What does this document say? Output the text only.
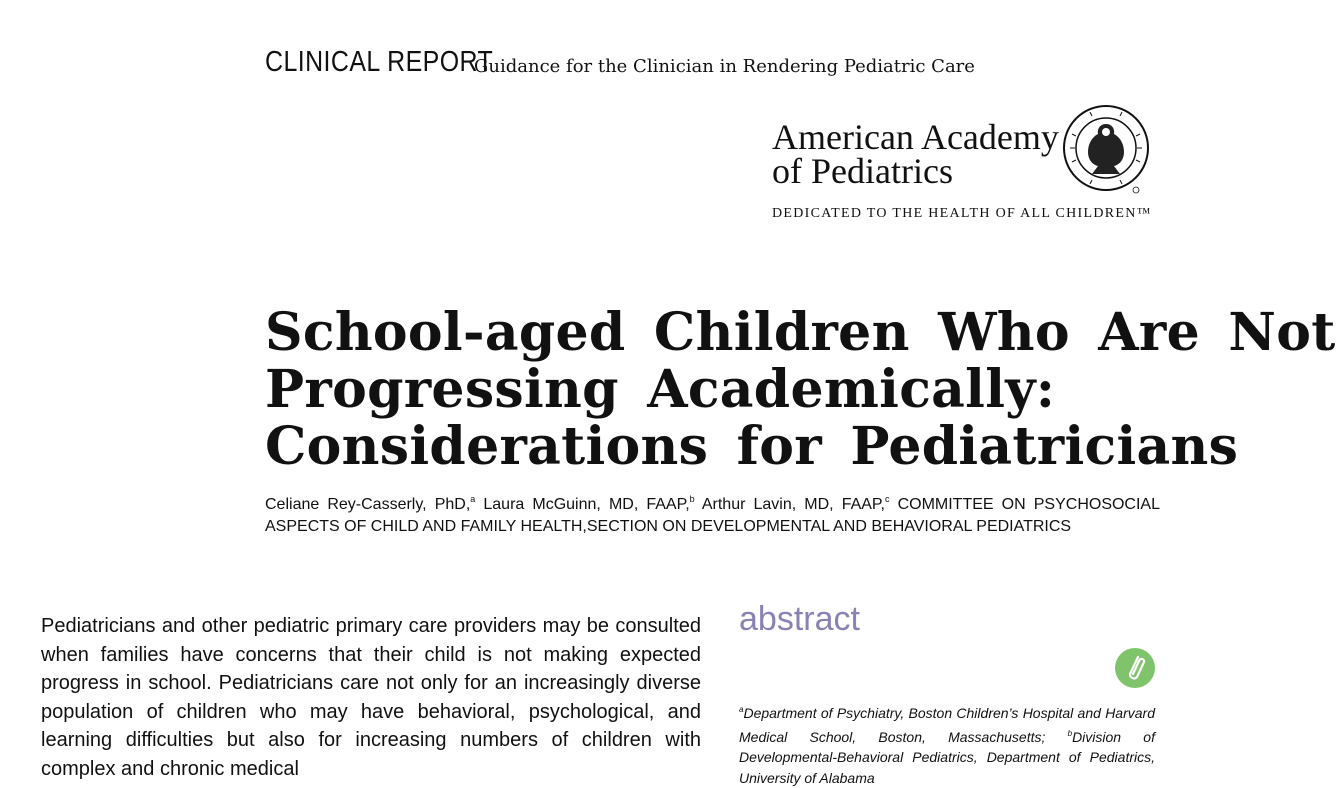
CLINICAL REPORT
Guidance for the Clinician in Rendering Pediatric Care
American Academy
of Pediatrics
DEDICATED TO THE HEALTH OF ALL CHILDREN™
School-aged Children Who Are Not
Progressing Academically:
Considerations for Pediatricians
Celiane Rey-Casserly, PhD,$^a$ Laura McGuinn, MD, FAAP,$^b$ Arthur Lavin, MD, FAAP,$^c$ COMMITTEE ON PSYCHOSOCIAL ASPECTS OF CHILD AND FAMILY HEALTH,SECTION ON DEVELOPMENTAL AND BEHAVIORAL PEDIATRICS

Pediatricians and other pediatric primary care providers may be consulted when families have concerns that their child is not making expected progress in school. Pediatricians care not only for an increasingly diverse population of children who may have behavioral, psychological, and learning difficulties but also for increasing numbers of children with complex and chronic medical

abstract

$^a$Department of Psychiatry, Boston Children’s Hospital and Harvard Medical School, Boston, Massachusetts; $^b$Division of Developmental-Behavioral Pediatrics, Department of Pediatrics, University of Alabama
